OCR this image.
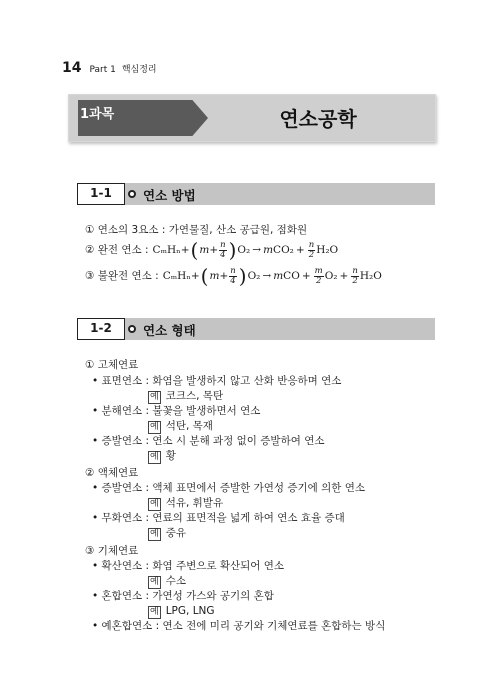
14 Part 1 핵심정리
1과목	연소공학
1-1	연소 방법
① 연소의 3요소 : 가연물질, 산소 공급원, 점화원
② 완전 연소 : CₘHₙ+ ( $m + \frac{n}{4}$ ) O₂ → m $CO_2 + \frac{n}{2} H_2O$
③ 불완전 연소 : CₘHₙ+ ( $m + \frac{n}{4}$ ) O₂ → m CO + $\frac{m}{2} O_2 + \frac{n}{2} H_2O$
1-2	연소 형태
① 고체연료
• 표면연소 : 화염을 발생하지 않고 산화 반응하며 연소
예 코크스, 목탄
• 분해연소 : 불꽃을 발생하면서 연소
예 석탄, 목재
• 증발연소 : 연소 시 분해 과정 없이 증발하여 연소
예 황
② 액체연료
• 증발연소 : 액체 표면에서 증발한 가연성 증기에 의한 연소
예 석유, 휘발유
• 무화연소 : 연료의 표면적을 넓게 하여 연소 효율 증대
예 중유
③ 기체연료
• 확산연소 : 화염 주변으로 확산되어 연소
예 수소
• 혼합연소 : 가연성 가스와 공기의 혼합
예 LPG, LNG
• 예혼합연소 : 연소 전에 미리 공기와 기체연료를 혼합하는 방식
